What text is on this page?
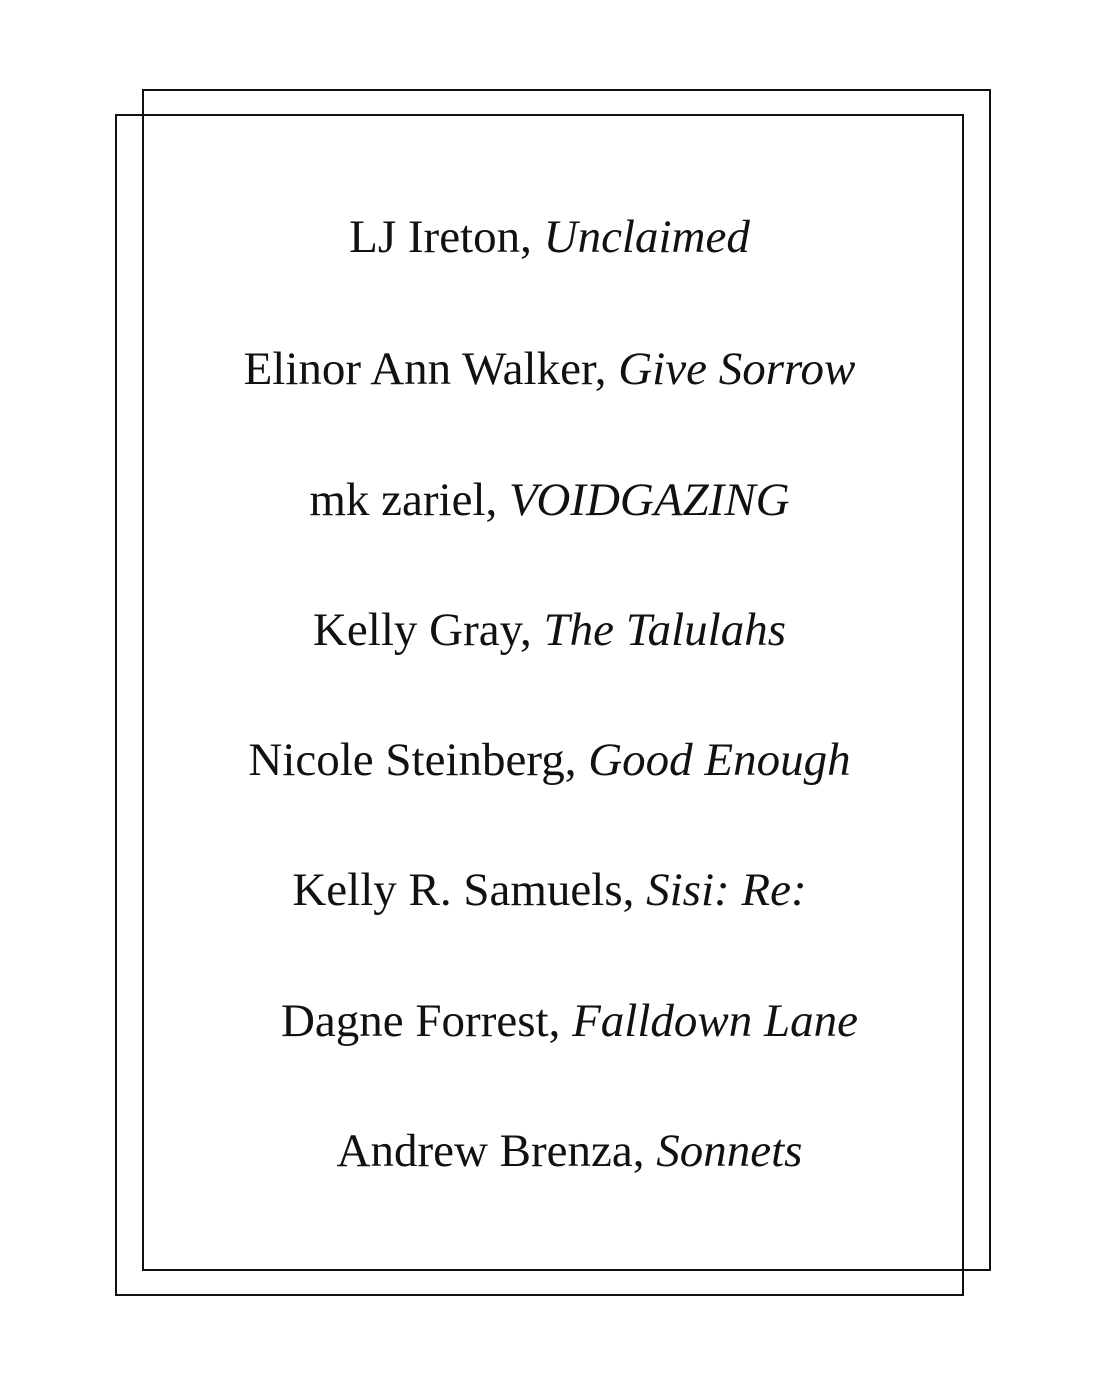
LJ Ireton, Unclaimed
Elinor Ann Walker, Give Sorrow
mk zariel, VOIDGAZING
Kelly Gray, The Talulahs
Nicole Steinberg, Good Enough
Kelly R. Samuels, Sisi: Re:
Dagne Forrest, Falldown Lane
Andrew Brenza, Sonnets
